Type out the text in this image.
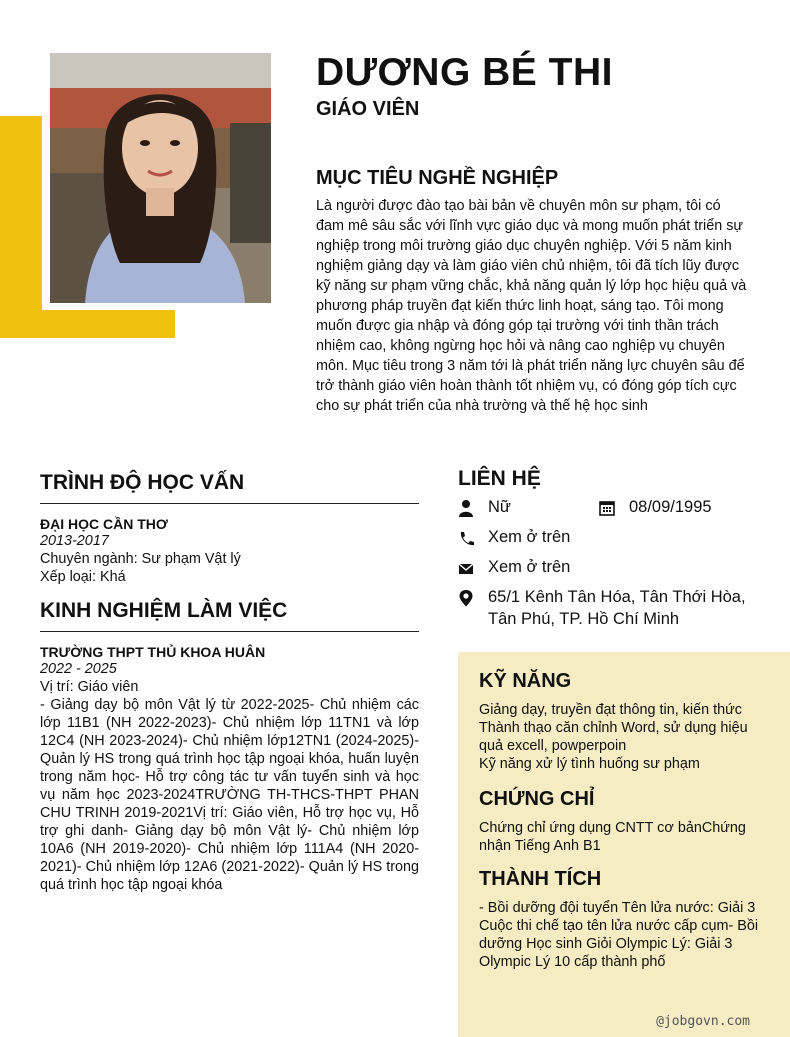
DƯƠNG BÉ THI
GIÁO VIÊN
MỤC TIÊU NGHỀ NGHIỆP

Là người được đào tạo bài bản về chuyên môn sư phạm, tôi có đam mê sâu sắc với lĩnh vực giáo dục và mong muốn phát triển sự nghiệp trong môi trường giáo dục chuyên nghiệp. Với 5 năm kinh nghiệm giảng dạy và làm giáo viên chủ nhiệm, tôi đã tích lũy được kỹ năng sư phạm vững chắc, khả năng quản lý lớp học hiệu quả và phương pháp truyền đạt kiến thức linh hoạt, sáng tạo. Tôi mong muốn được gia nhập và đóng góp tại trường với tinh thần trách nhiệm cao, không ngừng học hỏi và nâng cao nghiệp vụ chuyên môn. Mục tiêu trong 3 năm tới là phát triển năng lực chuyên sâu để trở thành giáo viên hoàn thành tốt nhiệm vụ, có đóng góp tích cực cho sự phát triển của nhà trường và thế hệ học sinh

TRÌNH ĐỘ HỌC VẤN
ĐẠI HỌC CẦN THƠ
2013-2017
Chuyên ngành: Sư phạm Vật lý
Xếp loại: Khá
KINH NGHIỆM LÀM VIỆC
TRƯỜNG THPT THỦ KHOA HUÂN
2022 - 2025
Vị trí: Giáo viên
- Giảng dạy bộ môn Vật lý từ 2022-2025- Chủ nhiệm các lớp 11B1 (NH 2022-2023)- Chủ nhiệm lớp 11TN1 và lớp 12C4 (NH 2023-2024)- Chủ nhiệm lớp12TN1 (2024-2025)- Quản lý HS trong quá trình học tập ngoại khóa, huấn luyện trong năm học- Hỗ trợ công tác tư vấn tuyển sinh và học vụ năm học 2023-2024TRƯỜNG TH-THCS-THPT PHAN CHU TRINH 2019-2021Vị trí: Giáo viên, Hỗ trợ học vụ, Hỗ trợ ghi danh- Giảng dạy bộ môn Vật lý- Chủ nhiệm lớp 10A6 (NH 2019-2020)- Chủ nhiệm lớp 111A4 (NH 2020-2021)- Chủ nhiệm lớp 12A6 (2021-2022)- Quản lý HS trong quá trình học tập ngoại khóa
LIÊN HỆ
Nữ	08/09/1995
Xem ở trên
Xem ở trên
65/1 Kênh Tân Hóa, Tân Thới Hòa,
Tân Phú, TP. Hồ Chí Minh
KỸ NĂNG
Giảng dạy, truyền đạt thông tin, kiến thức
Thành thạo căn chỉnh Word, sử dụng hiệu quả excell, powperpoin
Kỹ năng xử lý tình huống sư phạm
CHỨNG CHỈ
Chứng chỉ ứng dụng CNTT cơ bảnChứng nhận Tiếng Anh B1
THÀNH TÍCH
- Bồi dưỡng đội tuyển Tên lửa nước: Giải 3 Cuộc thi chế tạo tên lửa nước cấp cụm- Bồi dưỡng Học sinh Giỏi Olympic Lý: Giải 3 Olympic Lý 10 cấp thành phố
@jobgovn.com
